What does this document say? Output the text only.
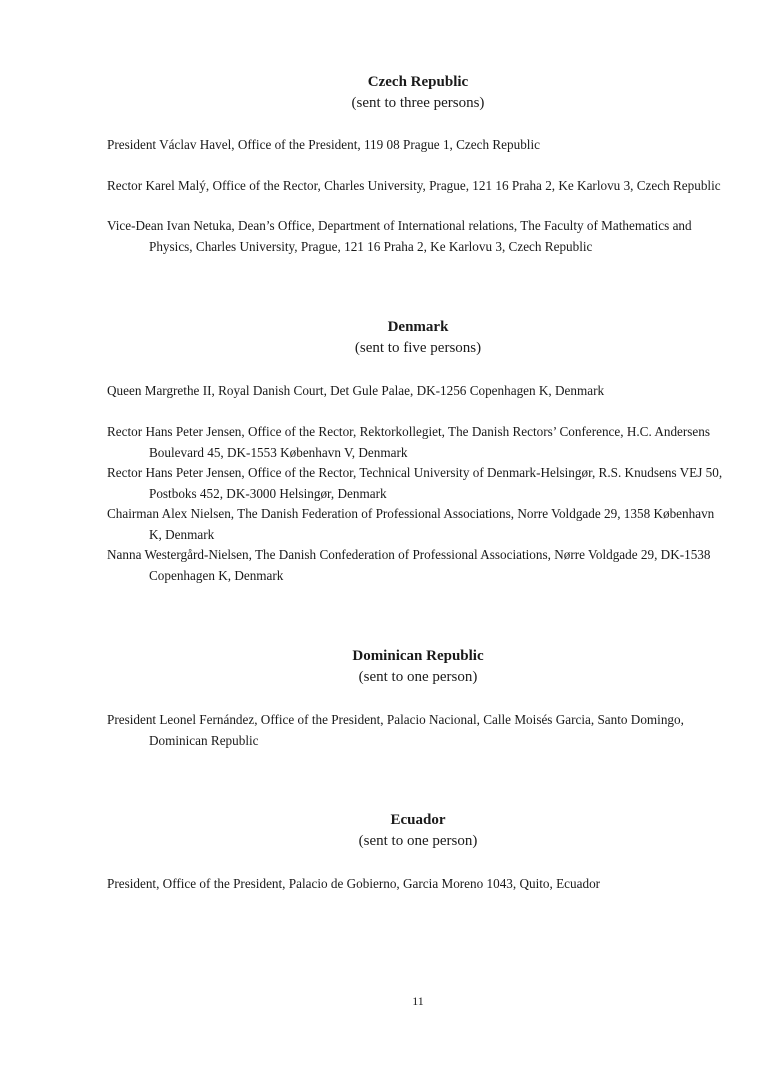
Czech Republic
(sent to three persons)
President Václav Havel, Office of the President, 119 08 Prague 1, Czech Republic
Rector Karel Malý, Office of the Rector, Charles University, Prague, 121 16 Praha 2, Ke Karlovu 3, Czech Republic
Vice-Dean Ivan Netuka, Dean’s Office, Department of International relations, The Faculty of Mathematics and Physics, Charles University, Prague, 121 16 Praha 2, Ke Karlovu 3, Czech Republic
Denmark
(sent to five persons)
Queen Margrethe II, Royal Danish Court, Det Gule Palae, DK-1256 Copenhagen K, Denmark
Rector Hans Peter Jensen, Office of the Rector, Rektorkollegiet, The Danish Rectors’ Conference, H.C. Andersens Boulevard 45, DK-1553 København V, Denmark
Rector Hans Peter Jensen, Office of the Rector, Technical University of Denmark-Helsingør, R.S. Knudsens VEJ 50, Postboks 452, DK-3000 Helsingør, Denmark
Chairman Alex Nielsen, The Danish Federation of Professional Associations, Norre Voldgade 29, 1358 København K, Denmark
Nanna Westergård-Nielsen, The Danish Confederation of Professional Associations, Nørre Voldgade 29, DK-1538 Copenhagen K, Denmark
Dominican Republic
(sent to one person)
President Leonel Fernández, Office of the President, Palacio Nacional, Calle Moisés Garcia, Santo Domingo, Dominican Republic
Ecuador
(sent to one person)
President, Office of the President, Palacio de Gobierno, Garcia Moreno 1043, Quito, Ecuador
11
